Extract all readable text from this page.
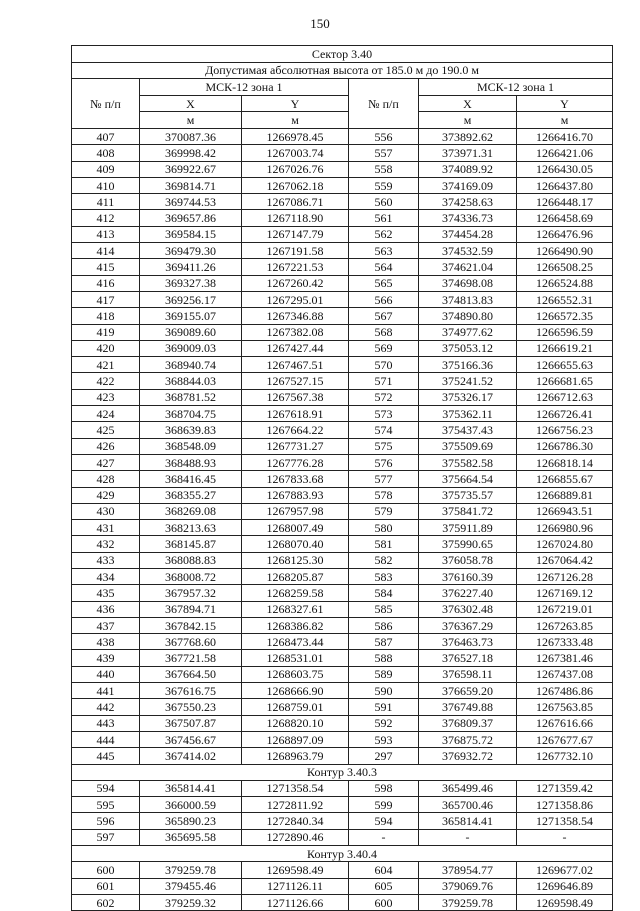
150
Сектор 3.40					
Допустимая абсолютная высота от 185.0 м до 190.0 м					
№ п/п	МСК-12 зона 1		№ п/п	МСК-12 зона 1	
	X	Y		X	Y
	м	м		м	м
407	370087.36	1266978.45	556	373892.62	1266416.70
408	369998.42	1267003.74	557	373971.31	1266421.06
409	369922.67	1267026.76	558	374089.92	1266430.05
410	369814.71	1267062.18	559	374169.09	1266437.80
411	369744.53	1267086.71	560	374258.63	1266448.17
412	369657.86	1267118.90	561	374336.73	1266458.69
413	369584.15	1267147.79	562	374454.28	1266476.96
414	369479.30	1267191.58	563	374532.59	1266490.90
415	369411.26	1267221.53	564	374621.04	1266508.25
416	369327.38	1267260.42	565	374698.08	1266524.88
417	369256.17	1267295.01	566	374813.83	1266552.31
418	369155.07	1267346.88	567	374890.80	1266572.35
419	369089.60	1267382.08	568	374977.62	1266596.59
420	369009.03	1267427.44	569	375053.12	1266619.21
421	368940.74	1267467.51	570	375166.36	1266655.63
422	368844.03	1267527.15	571	375241.52	1266681.65
423	368781.52	1267567.38	572	375326.17	1266712.63
424	368704.75	1267618.91	573	375362.11	1266726.41
425	368639.83	1267664.22	574	375437.43	1266756.23
426	368548.09	1267731.27	575	375509.69	1266786.30
427	368488.93	1267776.28	576	375582.58	1266818.14
428	368416.45	1267833.68	577	375664.54	1266855.67
429	368355.27	1267883.93	578	375735.57	1266889.81
430	368269.08	1267957.98	579	375841.72	1266943.51
431	368213.63	1268007.49	580	375911.89	1266980.96
432	368145.87	1268070.40	581	375990.65	1267024.80
433	368088.83	1268125.30	582	376058.78	1267064.42
434	368008.72	1268205.87	583	376160.39	1267126.28
435	367957.32	1268259.58	584	376227.40	1267169.12
436	367894.71	1268327.61	585	376302.48	1267219.01
437	367842.15	1268386.82	586	376367.29	1267263.85
438	367768.60	1268473.44	587	376463.73	1267333.48
439	367721.58	1268531.01	588	376527.18	1267381.46
440	367664.50	1268603.75	589	376598.11	1267437.08
441	367616.75	1268666.90	590	376659.20	1267486.86
442	367550.23	1268759.01	591	376749.88	1267563.85
443	367507.87	1268820.10	592	376809.37	1267616.66
444	367456.67	1268897.09	593	376875.72	1267677.67
445	367414.02	1268963.79	297	376932.72	1267732.10
Контур 3.40.3					
594	365814.41	1271358.54	598	365499.46	1271359.42
595	366000.59	1272811.92	599	365700.46	1271358.86
596	365890.23	1272840.34	594	365814.41	1271358.54
597	365695.58	1272890.46	-	-	-
Контур 3.40.4					
600	379259.78	1269598.49	604	378954.77	1269677.02
601	379455.46	1271126.11	605	379069.76	1269646.89
602	379259.32	1271126.66	600	379259.78	1269598.49
